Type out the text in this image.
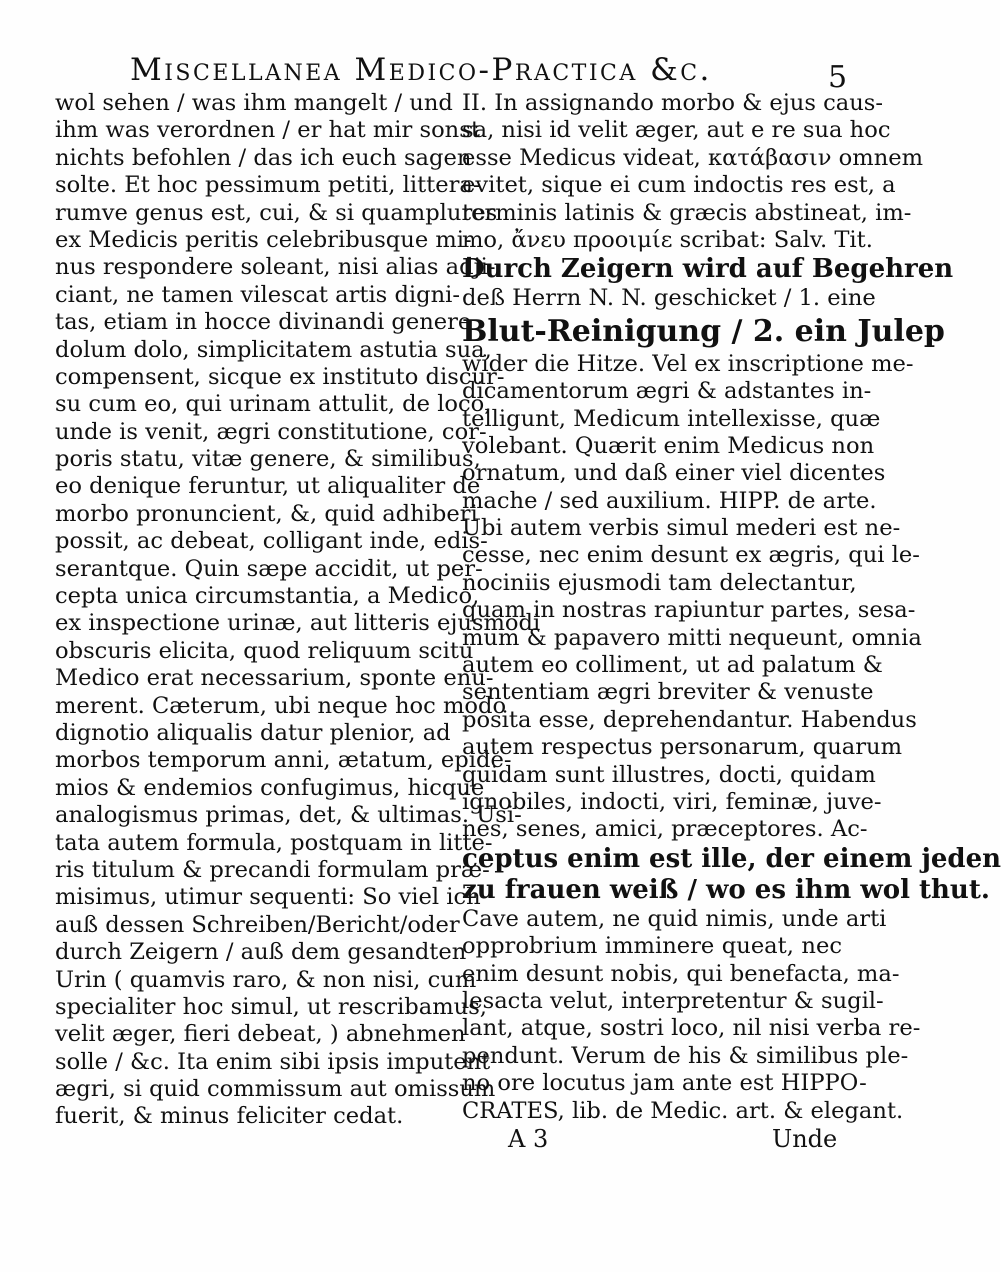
Miscellanea Medico-Practica &c.	5
wol sehen / was ihm mangelt / und
ihm was verordnen / er hat mir sonst
nichts befohlen / das ich euch sagen
solte. Et hoc pessimum petiti, littera-
rumve genus est, cui, & si quamplures
ex Medicis peritis celebribusque mi-
nus respondere soleant, nisi alias adji-
ciant, ne tamen vilescat artis digni-
tas, etiam in hocce divinandi genere
dolum dolo, simplicitatem astutia sua,
compensent, sicque ex instituto discur-
su cum eo, qui urinam attulit, de loco,
unde is venit, ægri constitutione, cor-
poris statu, vitæ genere, & similibus,
eo denique feruntur, ut aliqualiter de
morbo pronuncient, &, quid adhiberi
possit, ac debeat, colligant inde, edis-
serantque. Quin sæpe accidit, ut per-
cepta unica circumstantia, a Medico,
ex inspectione urinæ, aut litteris ejusmodi
obscuris elicita, quod reliquum scitu
Medico erat necessarium, sponte enu-
merent. Cæterum, ubi neque hoc modo
dignotio aliqualis datur plenior, ad
morbos temporum anni, ætatum, epide-
mios & endemios confugimus, hicque
analogismus primas, det, & ultimas. Usi-
tata autem formula, postquam in litte-
ris titulum & precandi formulam præ-
misimus, utimur sequenti: So viel ich
auß dessen Schreiben/Bericht/oder
durch Zeigern / auß dem gesandten
Urin ( quamvis raro, & non nisi, cum
specialiter hoc simul, ut rescribamus,
velit æger, fieri debeat, ) abnehmen
solle / &c. Ita enim sibi ipsis imputent
ægri, si quid commissum aut omissum
fuerit, & minus feliciter cedat.
II. In assignando morbo & ejus caus-
sa, nisi id velit æger, aut e re sua hoc
esse Medicus videat, κατάβασιν omnem
evitet, sique ei cum indoctis res est, a
terminis latinis & græcis abstineat, im-
mo, ἄνευ προοιμίε scribat: Salv. Tit.
Durch Zeigern wird auf Begehren
deß Herrn N. N. geschicket / 1. eine
Blut-Reinigung / 2. ein Julep
wider die Hitze. Vel ex inscriptione me-
dicamentorum ægri & adstantes in-
telligunt, Medicum intellexisse, quæ
volebant. Quærit enim Medicus non
ornatum, und daß einer viel dicentes
mache / sed auxilium. HIPP. de arte.
Ubi autem verbis simul mederi est ne-
cesse, nec enim desunt ex ægris, qui le-
nociniis ejusmodi tam delectantur,
quam in nostras rapiuntur partes, sesa-
mum & papavero mitti nequeunt, omnia
autem eo colliment, ut ad palatum &
sententiam ægri breviter & venuste
posita esse, deprehendantur. Habendus
autem respectus personarum, quarum
quidam sunt illustres, docti, quidam
ignobiles, indocti, viri, feminæ, juve-
nes, senes, amici, præceptores. Ac-
ceptus enim est ille, der einem jeden
zu frauen weiß / wo es ihm wol thut.
Cave autem, ne quid nimis, unde arti
opprobrium imminere queat, nec
enim desunt nobis, qui benefacta, ma-
lesacta velut, interpretentur & sugil-
lant, atque, sostri loco, nil nisi verba re-
pendunt. Verum de his & similibus ple-
no ore locutus jam ante est HIPPO-
CRATES, lib. de Medic. art. & elegant.
A 3	Unde
